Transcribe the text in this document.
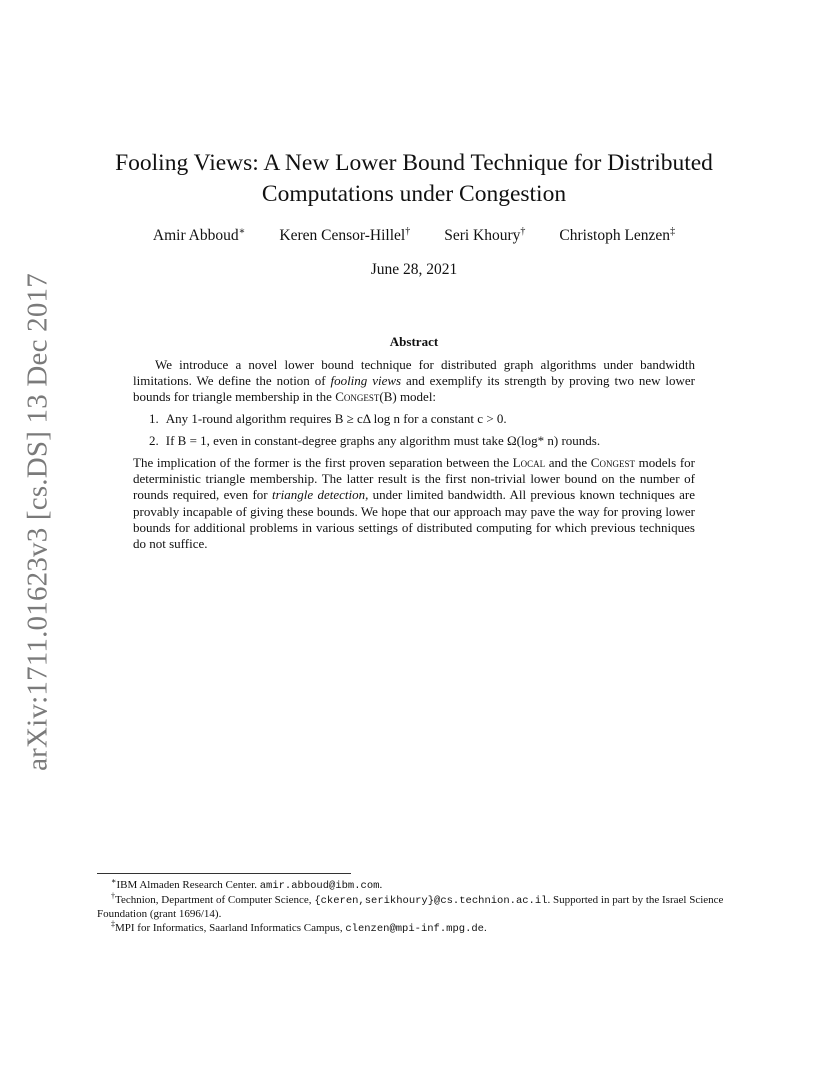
arXiv:1711.01623v3 [cs.DS] 13 Dec 2017
Fooling Views: A New Lower Bound Technique for Distributed
Computations under Congestion
Amir Abboud∗ Keren Censor-Hillel† Seri Khoury† Christoph Lenzen‡
June 28, 2021
Abstract

We introduce a novel lower bound technique for distributed graph algorithms under bandwidth limitations. We define the notion of fooling views and exemplify its strength by proving two new lower bounds for triangle membership in the Congest(B) model:

1. Any 1-round algorithm requires B ≥ cΔ log n for a constant c > 0.
2. If B = 1, even in constant-degree graphs any algorithm must take Ω(log* n) rounds.

The implication of the former is the first proven separation between the Local and the Congest models for deterministic triangle membership. The latter result is the first non-trivial lower bound on the number of rounds required, even for triangle detection, under limited bandwidth. All previous known techniques are provably incapable of giving these bounds. We hope that our approach may pave the way for proving lower bounds for additional problems in various settings of distributed computing for which previous techniques do not suffice.

∗IBM Almaden Research Center. amir.abboud@ibm.com.

†Technion, Department of Computer Science, {ckeren,serikhoury}@cs.technion.ac.il. Supported in part by the Israel Science Foundation (grant 1696/14).

‡MPI for Informatics, Saarland Informatics Campus, clenzen@mpi-inf.mpg.de.
